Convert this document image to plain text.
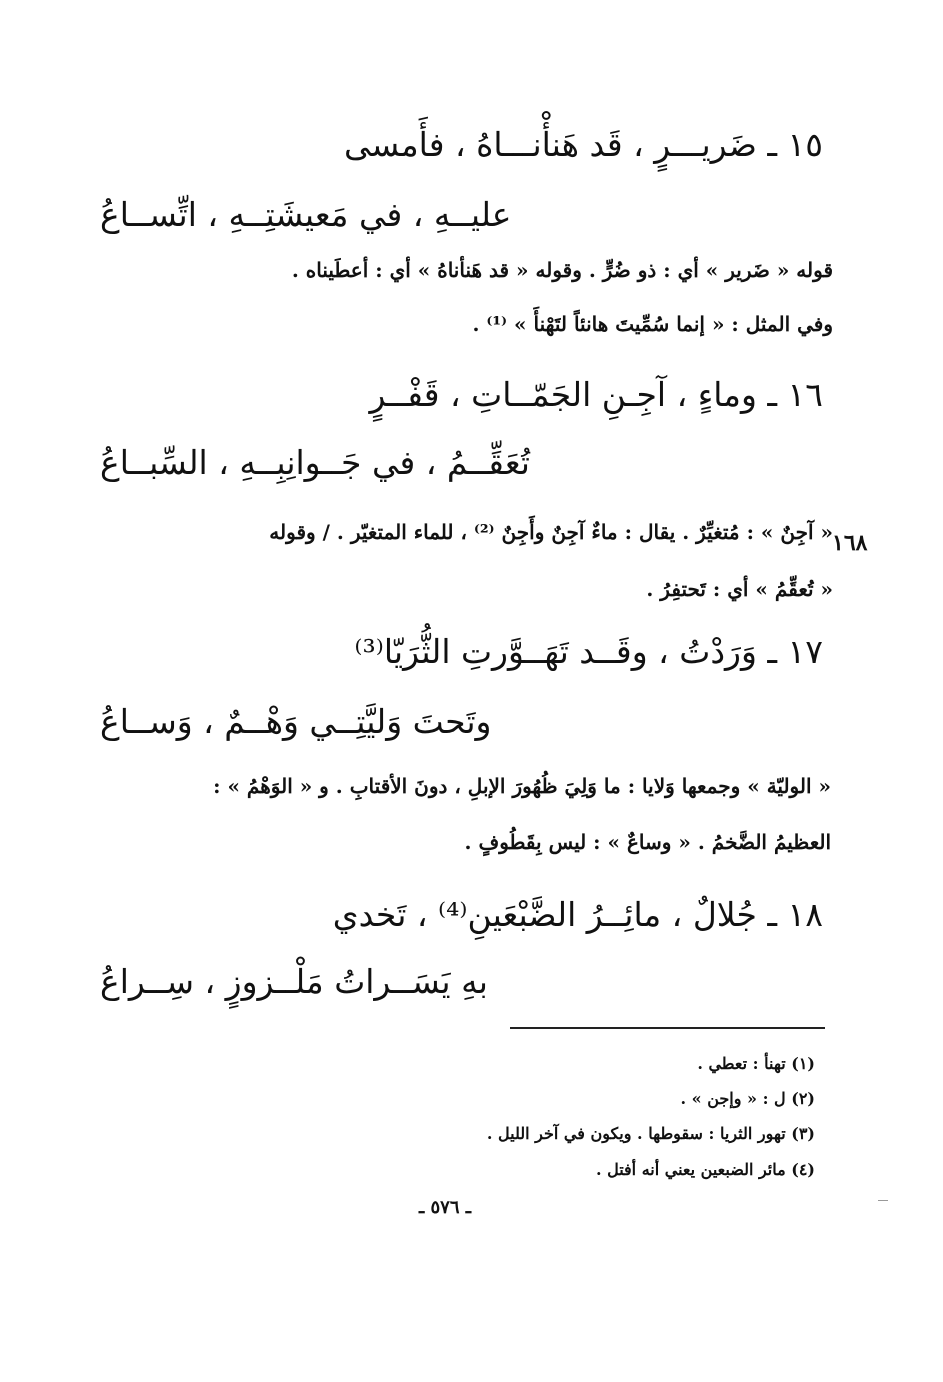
١٥ ـ ضَريـــرٍ ، قَد هَنأْنـــاهُ ، فأَمسى
عليــهِ ، في مَعيشَتِــهِ ، اتِّســاعُ
قوله « ضَرير » أي : ذو ضُرٍّ . وقوله « قد هَنأناهُ » أي : أعطَيناه .
وفي المثل : « إنما سُمِّيتَ هانئاً لتَهْنأَ » ⁽¹⁾ .
١٦ ـ وماءٍ ، آجِـنِ الجَمّــاتِ ، قَفْــرٍ
تُعَقِّــمُ ، في جَــوانِبِــهِ ، السِّبــاعُ
١٦٨
« آجِنٌ » : مُتغيِّرٌ . يقال : ماءٌ آجِنٌ وأَجِنٌ ⁽²⁾ ، للماء المتغيّر . / وقوله
« تُعقِّمُ » أي : تَحتفِرُ .
١٧ ـ وَرَدْتُ ، وقَــد تَهَــوَّرتِ الثُّرَيّا⁽³⁾
وتَحتَ وَليَّتِــي وَهْــمٌ ، وَســاعُ
« الوليّة » وجمعها وَلايا : ما وَلِيَ ظُهُورَ الإبلِ ، دونَ الأقتابِ . و « الوَهْمُ » :
العظيمُ الضَّخمُ . « وساعٌ » : ليس بِقَطُوفٍ .
١٨ ـ جُلالٌ ، مائِــرُ الضَّبْعَينِ⁽⁴⁾ ، تَخدي
بهِ يَسَــراتُ مَلْــزوزٍ ، سِــراعُ
(١) تهنأ : تعطي .
(٢) ل : « وإجن » .
(٣) تهور الثريا : سقوطها . ويكون في آخر الليل .
(٤) مائر الضبعين يعني أنه أفتل .
ـ ٥٧٦ ـ
